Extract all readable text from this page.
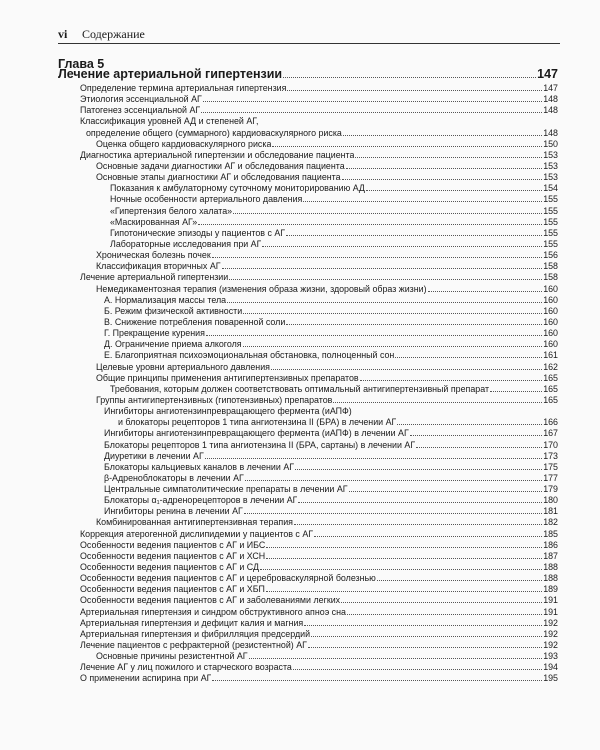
vi Содержание
Глава 5
Лечение артериальной гипертензии	147
Определение термина артериальная гипертензия	147
Этиология эссенциальной АГ	148
Патогенез эссенциальной АГ	148
Классификация уровней АД и степеней АГ,
определение общего (суммарного) кардиоваскулярного риска	148
Оценка общего кардиоваскулярного риска	150
Диагностика артериальной гипертензии и обследование пациента	153
Основные задачи диагностики АГ и обследования пациента	153
Основные этапы диагностики АГ и обследования пациента	153
Показания к амбулаторному суточному мониторированию АД	154
Ночные особенности артериального давления	155
«Гипертензия белого халата»	155
«Маскированная АГ»	155
Гипотонические эпизоды у пациентов с АГ	155
Лабораторные исследования при АГ	155
Хроническая болезнь почек	156
Классификация вторичных АГ	158
Лечение артериальной гипертензии	158
Немедикаментозная терапия (изменения образа жизни, здоровый образ жизни)	160
А. Нормализация массы тела	160
Б. Режим физической активности	160
В. Снижение потребления поваренной соли	160
Г. Прекращение курения	160
Д. Ограничение приема алкоголя	160
Е. Благоприятная психоэмоциональная обстановка, полноценный сон	161
Целевые уровни артериального давления	162
Общие принципы применения антигипертензивных препаратов	165
Требования, которым должен соответствовать оптимальный антигипертензивный препарат	165
Группы антигипертензивных (гипотензивных) препаратов	165
Ингибиторы ангиотензинпревращающего фермента (иАПФ)
и блокаторы рецепторов 1 типа ангиотензина II (БРА) в лечении АГ	166
Ингибиторы ангиотензинпревращающего фермента (иАПФ) в лечении АГ	167
Блокаторы рецепторов 1 типа ангиотензина II (БРА, сартаны) в лечении АГ	170
Диуретики в лечении АГ	173
Блокаторы кальциевых каналов в лечении АГ	175
β-Адреноблокаторы в лечении АГ	177
Центральные симпатолитические препараты в лечении АГ	179
Блокаторы α₁-адренорецепторов в лечении АГ	180
Ингибиторы ренина в лечении АГ	181
Комбинированная антигипертензивная терапия	182
Коррекция атерогенной дислипидемии у пациентов с АГ	185
Особенности ведения пациентов с АГ и ИБС	186
Особенности ведения пациентов с АГ и ХСН	187
Особенности ведения пациентов с АГ и СД	188
Особенности ведения пациентов с АГ и цереброваскулярной болезнью	188
Особенности ведения пациентов с АГ и ХБП	189
Особенности ведения пациентов с АГ и заболеваниями легких	191
Артериальная гипертензия и синдром обструктивного апноэ сна	191
Артериальная гипертензия и дефицит калия и магния	192
Артериальная гипертензия и фибрилляция предсердий	192
Лечение пациентов с рефрактерной (резистентной) АГ	192
Основные причины резистентной АГ	193
Лечение АГ у лиц пожилого и старческого возраста	194
О применении аспирина при АГ	195
